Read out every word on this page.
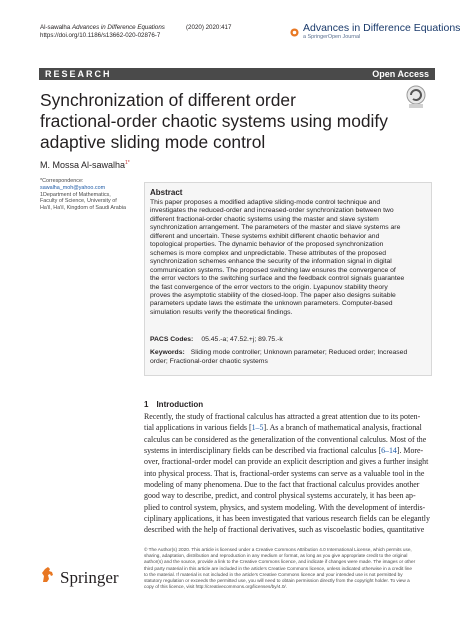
Al-sawalha Advances in Difference Equations
https://doi.org/10.1186/s13662-020-02876-7
(2020) 2020:417	Advances in Difference Equations
a SpringerOpen Journal
RESEARCH	Open Access
Synchronization of different order
fractional-order chaotic systems using modify
adaptive sliding mode control
M. Mossa Al-sawalha$^{1*}$
*Correspondence:
sawalha_moh@yahoo.com
1Department of Mathematics,
Faculty of Science, University of
Ha'il, Ha'il, Kingdom of Saudi Arabia
Abstract
This paper proposes a modified adaptive sliding-mode control technique and
investigates the reduced-order and increased-order synchronization between two
different fractional-order chaotic systems using the master and slave system
synchronization arrangement. The parameters of the master and slave systems are
different and uncertain. These systems exhibit different chaotic behavior and
topological properties. The dynamic behavior of the proposed synchronization
schemes is more complex and unpredictable. These attributes of the proposed
synchronization schemes enhance the security of the information signal in digital
communication systems. The proposed switching law ensures the convergence of
the error vectors to the switching surface and the feedback control signals guarantee
the fast convergence of the error vectors to the origin. Lyapunov stability theory
proves the asymptotic stability of the closed-loop. The paper also designs suitable
parameters update laws the estimate the unknown parameters. Computer-based
simulation results verify the theoretical findings.
PACS Codes: 05.45.-a; 47.52.+j; 89.75.-k
Keywords: Sliding mode controller; Unknown parameter; Reduced order; Increased
order; Fractional-order chaotic systems
1 Introduction
Recently, the study of fractional calculus has attracted a great attention due to its poten-
tial applications in various fields [1–5]. As a branch of mathematical analysis, fractional
calculus can be considered as the generalization of the conventional calculus. Most of the
systems in interdisciplinary fields can be described via fractional calculus [6–14]. More-
over, fractional-order model can provide an explicit description and gives a further insight
into physical process. That is, fractional-order systems can serve as a valuable tool in the
modeling of many phenomena. Due to the fact that fractional calculus provides another
good way to describe, predict, and control physical systems accurately, it has been ap-
plied to control system, physics, and system modeling. With the development of interdis-
ciplinary applications, it has been investigated that various research fields can be elegantly
described with the help of fractional derivatives, such as viscoelastic bodies, quantitative
Springer
© The Author(s) 2020. This article is licensed under a Creative Commons Attribution 4.0 International License, which permits use,
sharing, adaptation, distribution and reproduction in any medium or format, as long as you give appropriate credit to the original
author(s) and the source, provide a link to the Creative Commons licence, and indicate if changes were made. The images or other
third party material in this article are included in the article's Creative Commons licence, unless indicated otherwise in a credit line
to the material. If material is not included in the article's Creative Commons licence and your intended use is not permitted by
statutory regulation or exceeds the permitted use, you will need to obtain permission directly from the copyright holder. To view a
copy of this licence, visit http://creativecommons.org/licenses/by/4.0/.
